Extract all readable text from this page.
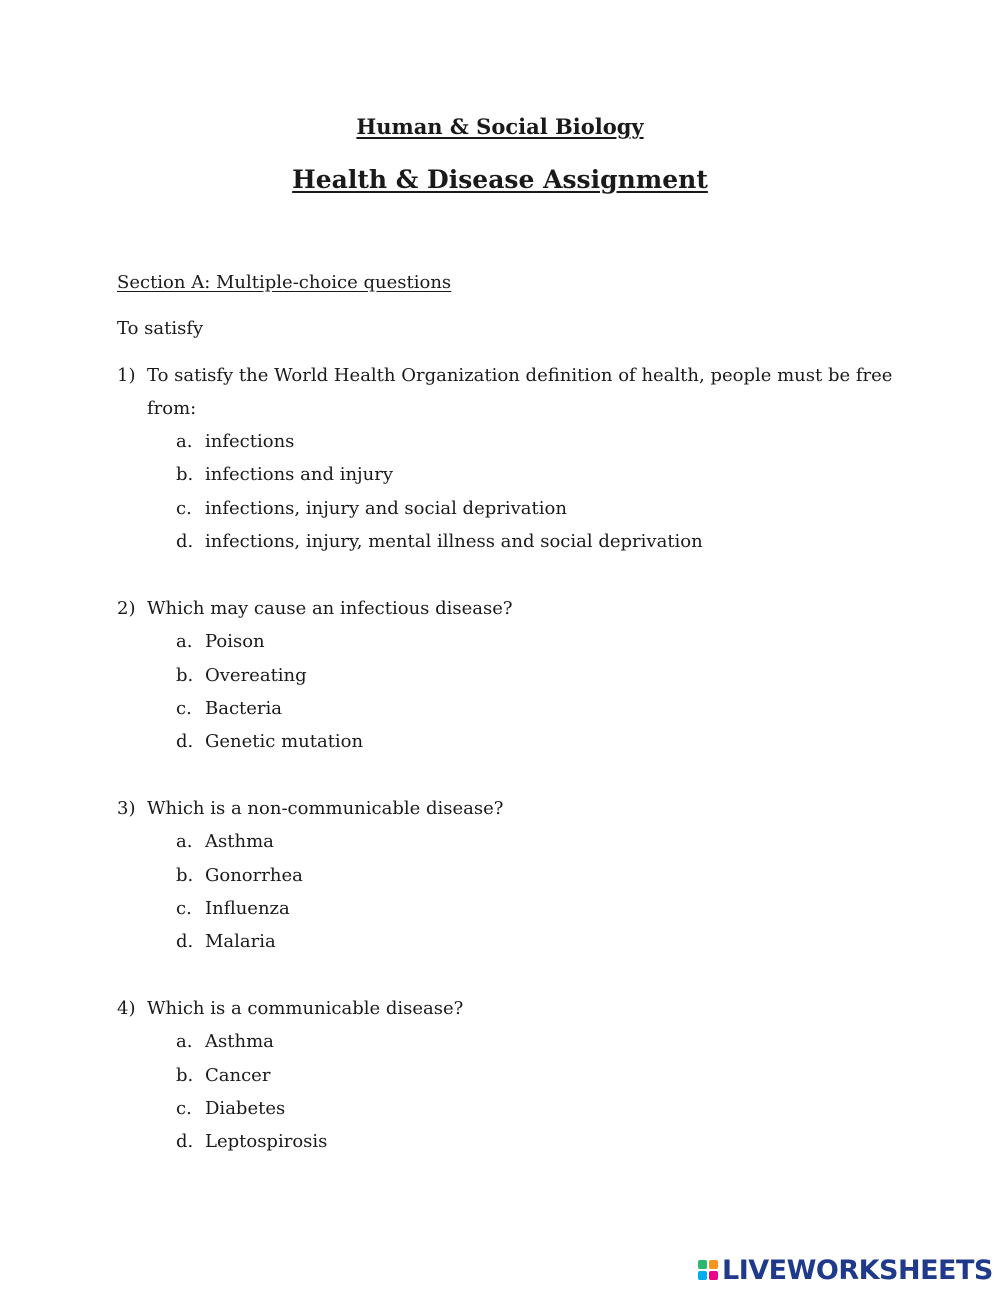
Human & Social Biology
Health & Disease Assignment
Section A: Multiple-choice questions
To satisfy
1) To satisfy the World Health Organization definition of health, people must be free
from:
a. infections
b. infections and injury
c. infections, injury and social deprivation
d. infections, injury, mental illness and social deprivation
2) Which may cause an infectious disease?
a. Poison
b. Overeating
c. Bacteria
d. Genetic mutation
3) Which is a non-communicable disease?
a. Asthma
b. Gonorrhea
c. Influenza
d. Malaria
4) Which is a communicable disease?
a. Asthma
b. Cancer
c. Diabetes
d. Leptospirosis
LIVEWORKSHEETS
